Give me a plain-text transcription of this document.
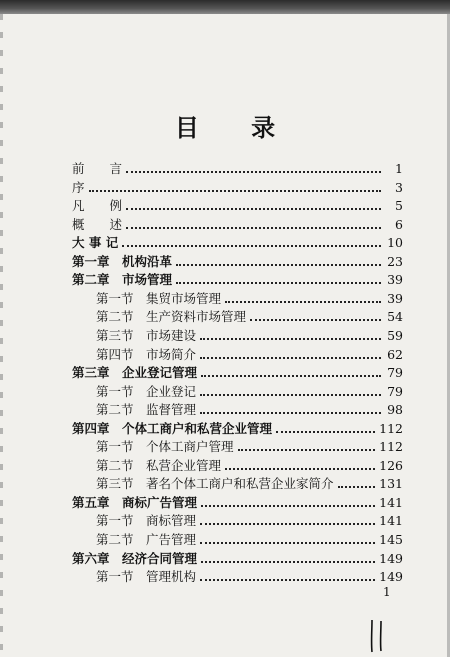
目 录
前　　言	1
序	3
凡　　例	5
概　　述	6
大 事 记	10
第一章　机构沿革	23
第二章　市场管理	39
第一节　集贸市场管理	39
第二节　生产资料市场管理	54
第三节　市场建设	59
第四节　市场简介	62
第三章　企业登记管理	79
第一节　企业登记	79
第二节　监督管理	98
第四章　个体工商户和私营企业管理	112
第一节　个体工商户管理	112
第二节　私营企业管理	126
第三节　著名个体工商户和私营企业家简介	131
第五章　商标广告管理	141
第一节　商标管理	141
第二节　广告管理	145
第六章　经济合同管理	149
第一节　管理机构	149
1
